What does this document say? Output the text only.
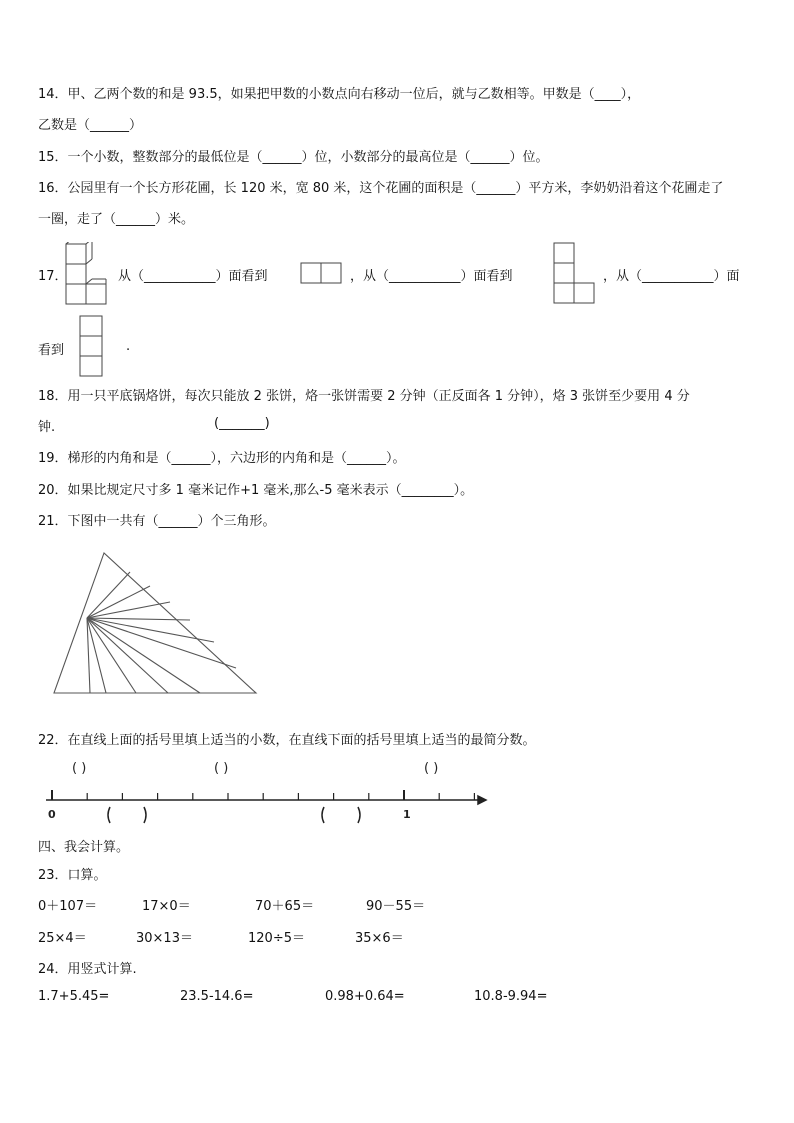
14．甲、乙两个数的和是 93.5，如果把甲数的小数点向右移动一位后，就与乙数相等。甲数是（____），
乙数是（______）
15．一个小数，整数部分的最低位是（______）位，小数部分的最高位是（______）位。
16．公园里有一个长方形花圃，长 120 米，宽 80 米，这个花圃的面积是（______）平方米，李奶奶沿着这个花圃走了
一圈，走了（______）米。
17．	从（___________）面看到	，从（___________）面看到	，从（___________）面
看到	.
18．用一只平底锅烙饼，每次只能放 2 张饼，烙一张饼需要 2 分钟（正反面各 1 分钟），烙 3 张饼至少要用 4 分
钟.	(_______)
19．梯形的内角和是（______），六边形的内角和是（______）。
20．如果比规定尺寸多 1 毫米记作+1 毫米,那么-5 毫米表示（________）。
21．下图中一共有（______）个三角形。
22．在直线上面的括号里填上适当的小数，在直线下面的括号里填上适当的最简分数。
0	1
( )	( )	( )
四、我会计算。
23．口算。
0＋107＝	17×0＝	70＋65＝	90－55＝
25×4＝	30×13＝	120÷5＝	35×6＝
24．用竖式计算.
1.7+5.45=	23.5-14.6=	0.98+0.64=	10.8-9.94=
